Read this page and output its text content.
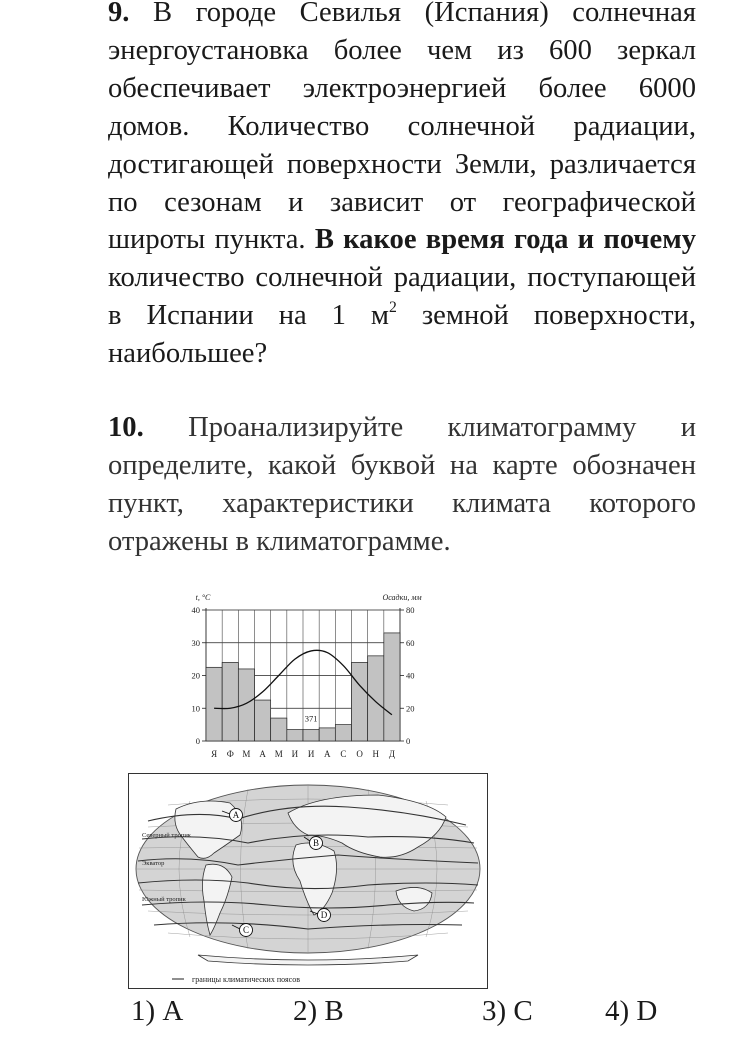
9. В городе Севилья (Испания) солнечная энергоустановка более чем из 600 зеркал обеспечивает электроэнергией более 6000 домов. Количество солнечной радиации, достигающей поверхности Земли, различается по сезонам и зависит от географической широты пункта. В какое время года и почему количество солнечной радиации, поступающей в Испании на 1 $м^2$ земной поверхности, наибольшее?
10. Проанализируйте климатограмму и определите, какой буквой на карте обозначен пункт, характеристики климата которого отражены в климатограмме.
0
10
20
30
40
0
20
40
60
80
t, °C	Осадки, мм
Я Ф М А М И И А С О Н Д
371
Северный тропик
Экватор
Южный тропик
A
B
C
D
границы климатических поясов
1) А	2) В	3) С 4) D
